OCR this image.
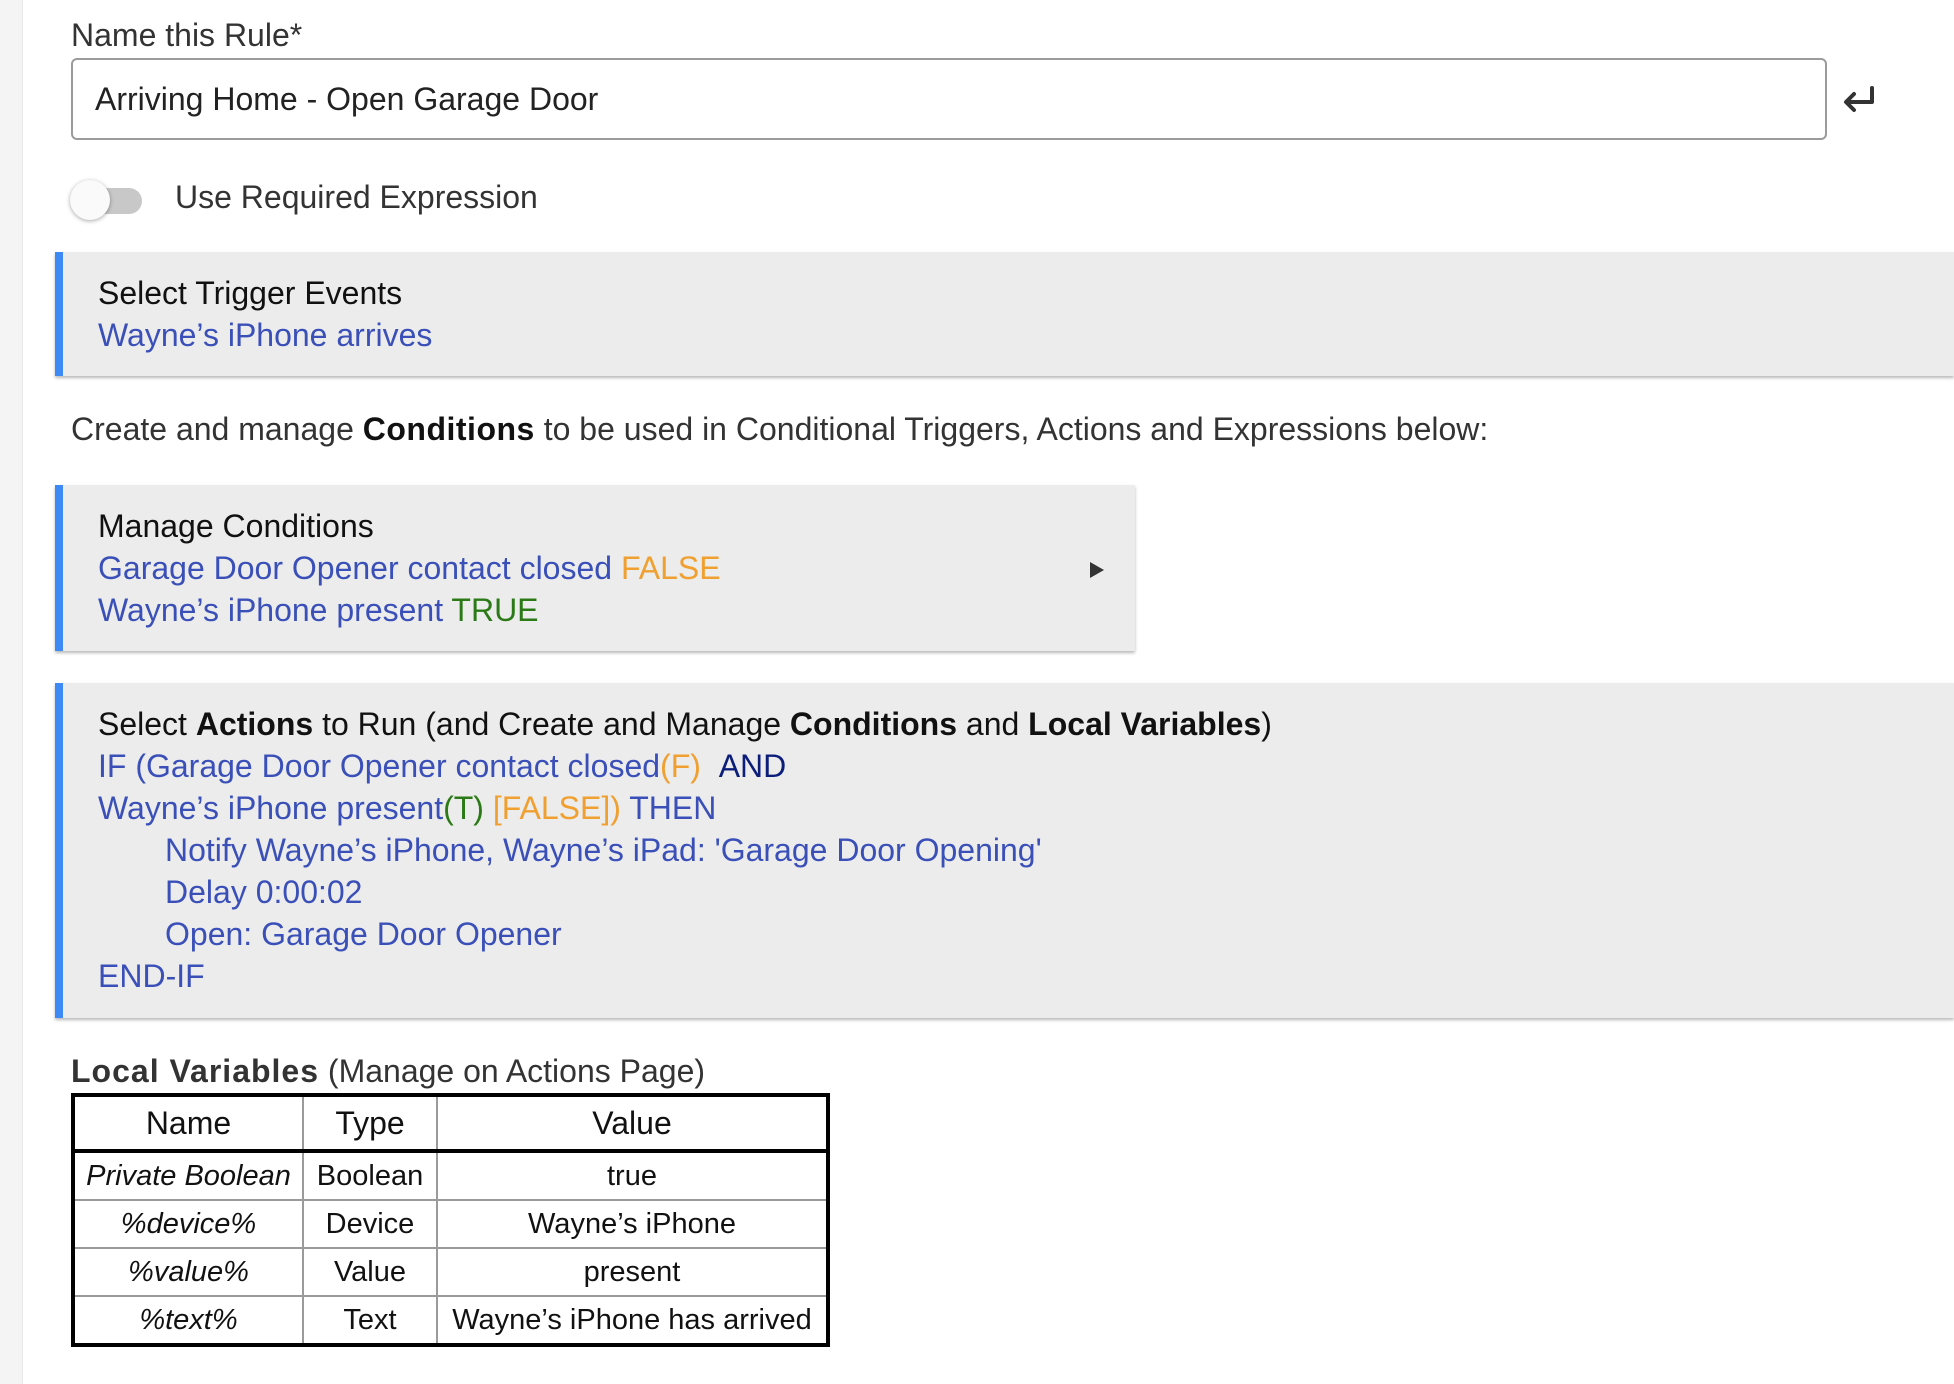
Name this Rule*
Arriving Home - Open Garage Door
Use Required Expression
Select Trigger Events
Wayne’s iPhone arrives
Create and manage Conditions to be used in Conditional Triggers, Actions and Expressions below:
Manage Conditions
Garage Door Opener contact closed FALSE
Wayne’s iPhone present TRUE
Select Actions to Run (and Create and Manage Conditions and Local Variables)
IF (Garage Door Opener contact closed(F) AND
Wayne’s iPhone present(T) [FALSE]) THEN
Notify Wayne’s iPhone, Wayne’s iPad: 'Garage Door Opening'
Delay 0:00:02
Open: Garage Door Opener
END-IF
Local Variables (Manage on Actions Page)
Name	Type	Value
Private Boolean	Boolean	true
%device%	Device	Wayne’s iPhone
%value%	Value	present
%text%	Text	Wayne’s iPhone has arrived
